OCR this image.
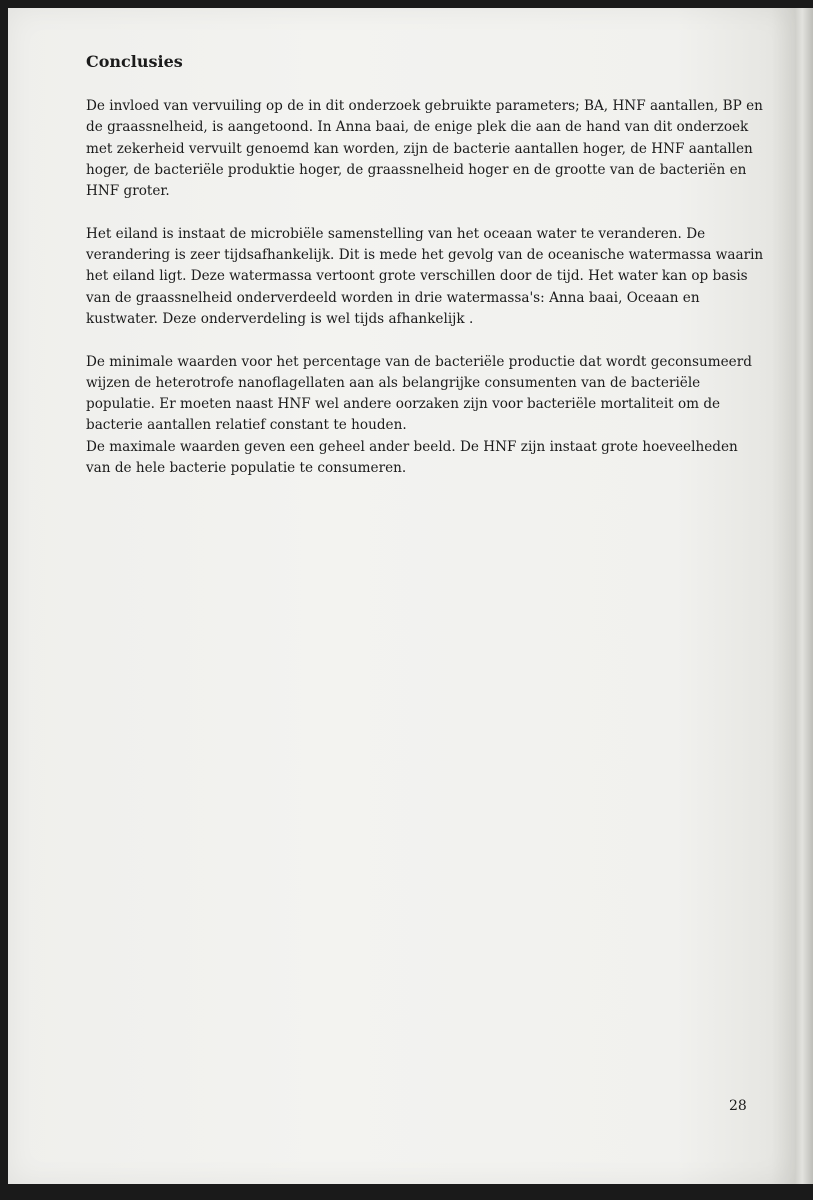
Conclusies

De invloed van vervuiling op de in dit onderzoek gebruikte parameters; BA, HNF aantallen, BP en de graassnelheid, is aangetoond. In Anna baai, de enige plek die aan de hand van dit onderzoek met zekerheid vervuilt genoemd kan worden, zijn de bacterie aantallen hoger, de HNF aantallen hoger, de bacteriële produktie hoger, de graassnelheid hoger en de grootte van de bacteriën en HNF groter.

Het eiland is instaat de microbiële samenstelling van het oceaan water te veranderen. De verandering is zeer tijdsafhankelijk. Dit is mede het gevolg van de oceanische watermassa waarin het eiland ligt. Deze watermassa vertoont grote verschillen door de tijd. Het water kan op basis van de graassnelheid onderverdeeld worden in drie watermassa's: Anna baai, Oceaan en kustwater. Deze onderverdeling is wel tijds afhankelijk .

De minimale waarden voor het percentage van de bacteriële productie dat wordt geconsumeerd wijzen de heterotrofe nanoflagellaten aan als belangrijke consumenten van de bacteriële populatie. Er moeten naast HNF wel andere oorzaken zijn voor bacteriële mortaliteit om de bacterie aantallen relatief constant te houden.

De maximale waarden geven een geheel ander beeld. De HNF zijn instaat grote hoeveelheden van de hele bacterie populatie te consumeren.

28
